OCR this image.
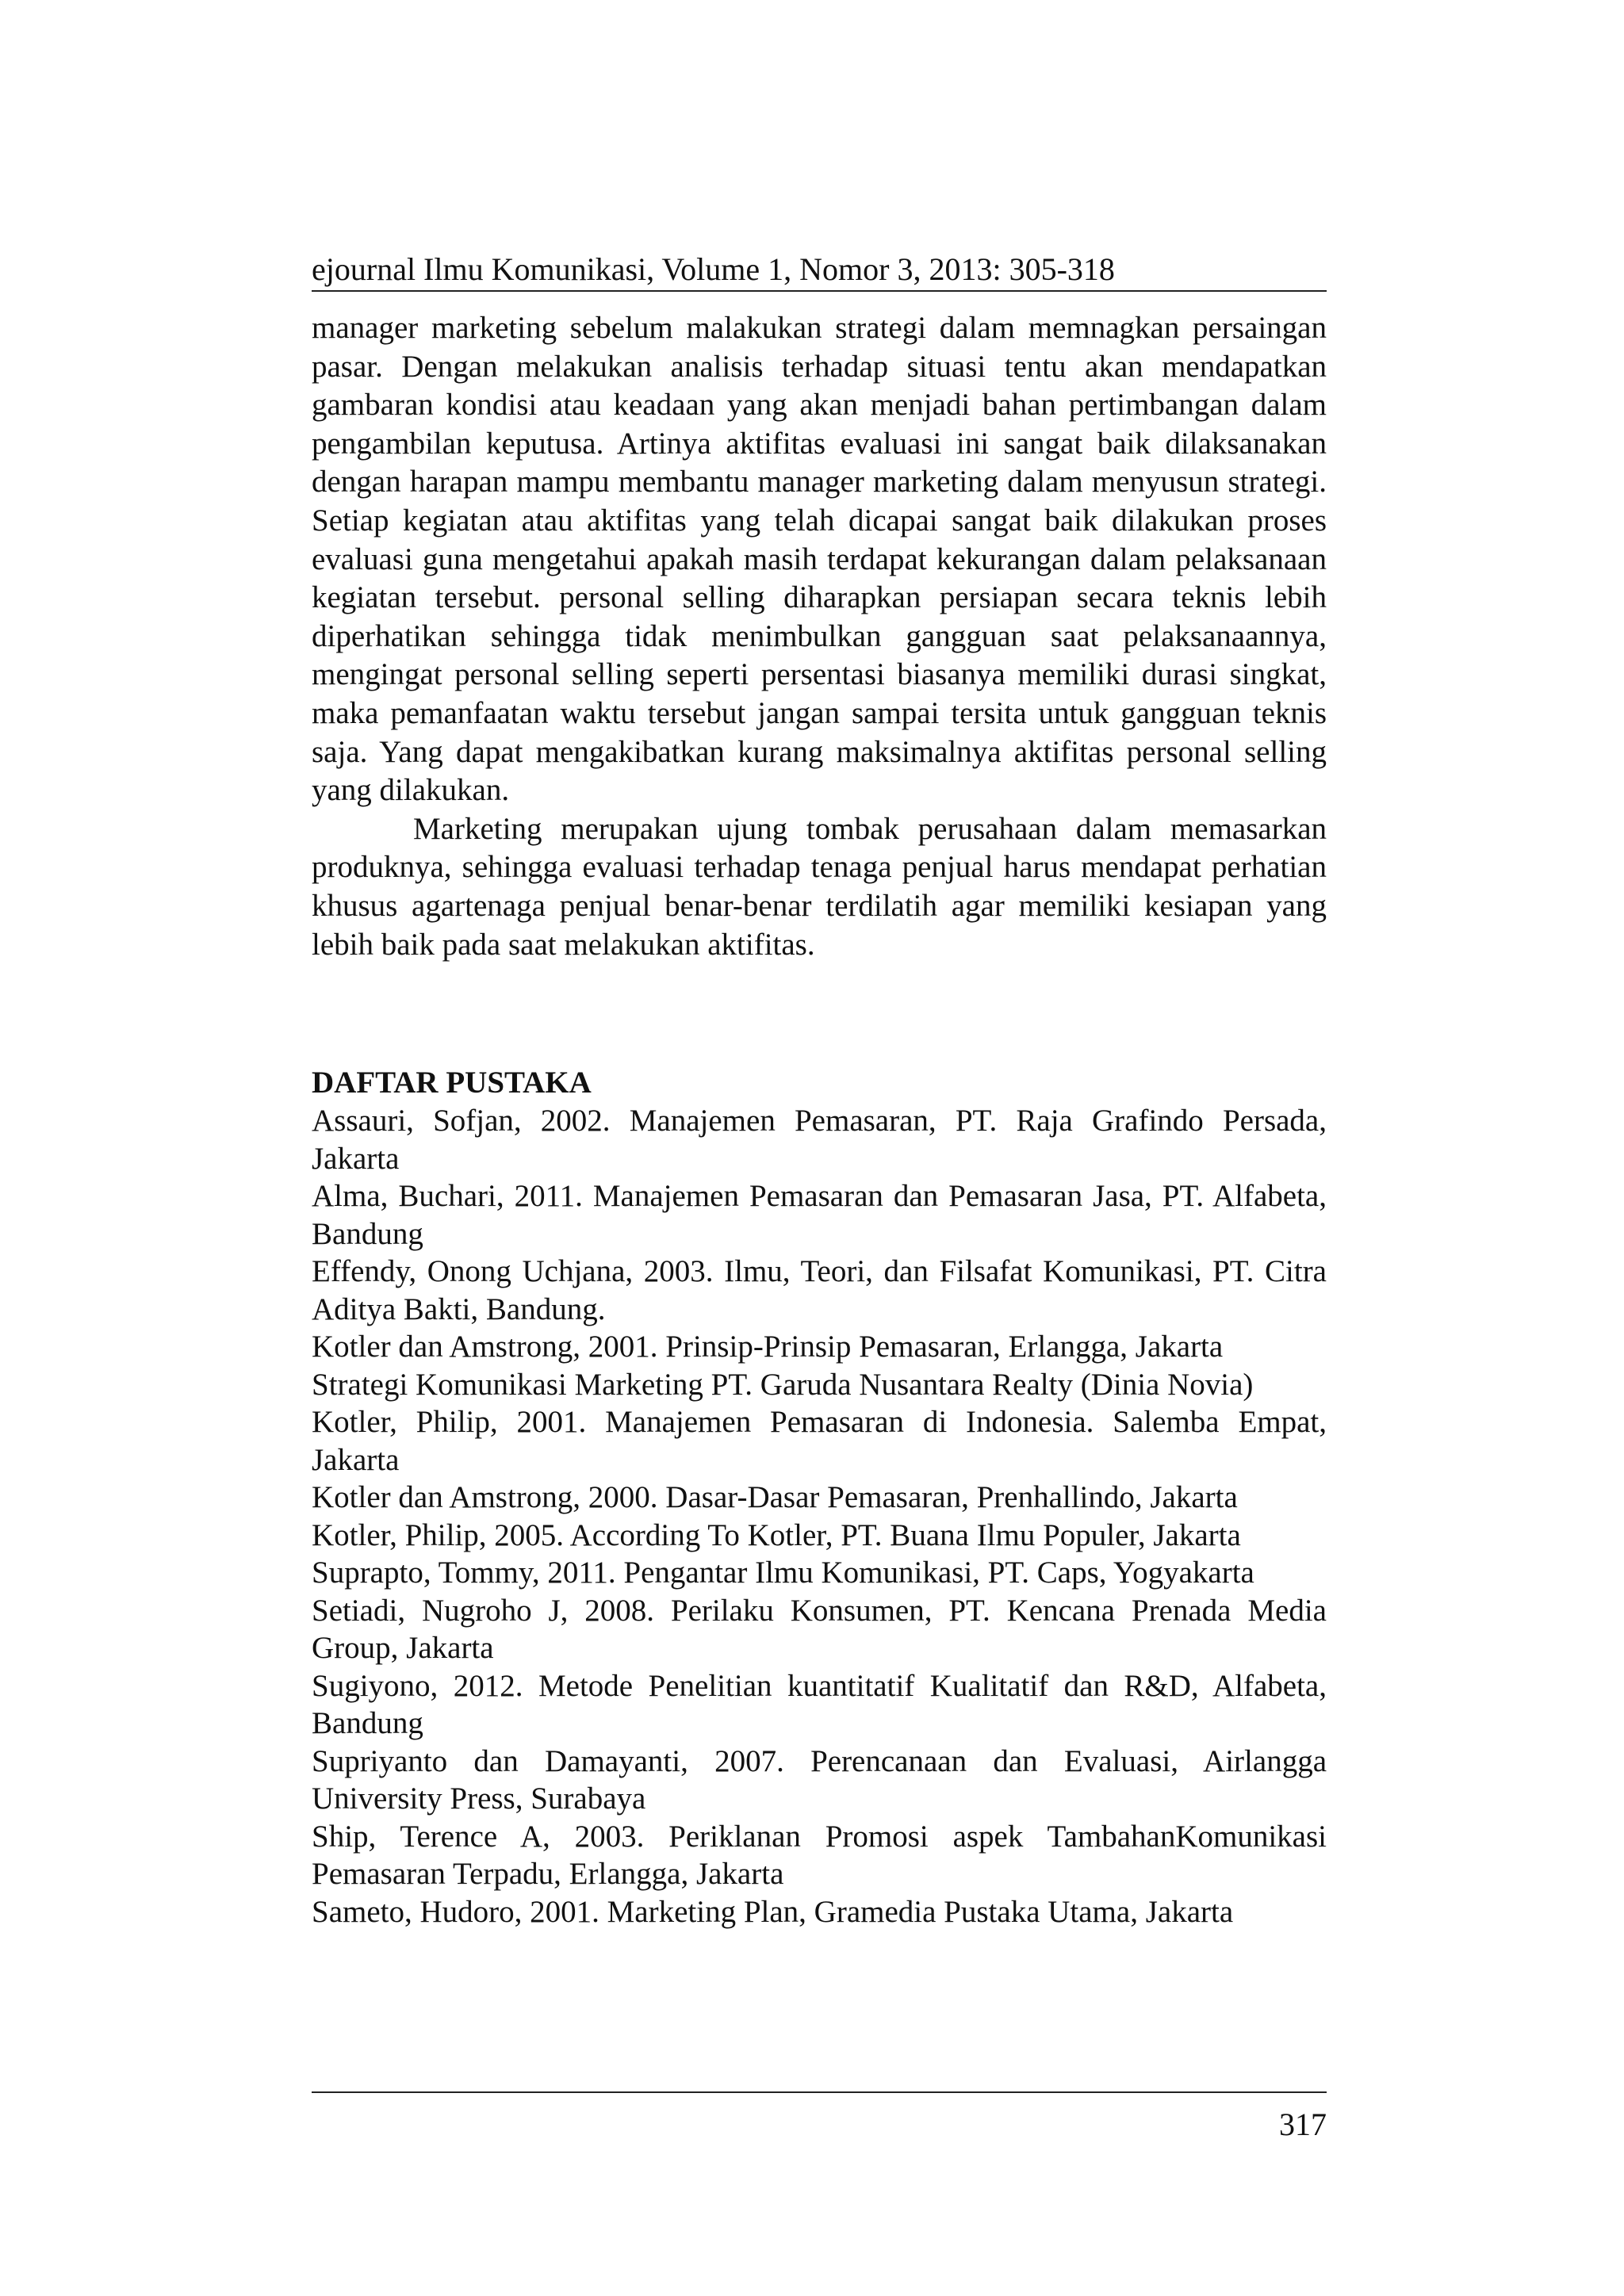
ejournal Ilmu Komunikasi, Volume 1, Nomor 3, 2013: 305-318

manager marketing sebelum malakukan strategi dalam memnagkan persaingan pasar. Dengan melakukan analisis terhadap situasi tentu akan mendapatkan gambaran kondisi atau keadaan yang akan menjadi bahan pertimbangan dalam pengambilan keputusa. Artinya aktifitas evaluasi ini sangat baik dilaksanakan dengan harapan mampu membantu manager marketing dalam menyusun strategi. Setiap kegiatan atau aktifitas yang telah dicapai sangat baik dilakukan proses evaluasi guna mengetahui apakah masih terdapat kekurangan dalam pelaksanaan kegiatan tersebut. personal selling diharapkan persiapan secara teknis lebih diperhatikan sehingga tidak menimbulkan gangguan saat pelaksanaannya, mengingat personal selling seperti persentasi biasanya memiliki durasi singkat, maka pemanfaatan waktu tersebut jangan sampai tersita untuk gangguan teknis saja. Yang dapat mengakibatkan kurang maksimalnya aktifitas personal selling yang dilakukan.

Marketing merupakan ujung tombak perusahaan dalam memasarkan produknya, sehingga evaluasi terhadap tenaga penjual harus mendapat perhatian khusus agartenaga penjual benar-benar terdilatih agar memiliki kesiapan yang lebih baik pada saat melakukan aktifitas.

DAFTAR PUSTAKA
Assauri, Sofjan, 2002. Manajemen Pemasaran, PT. Raja Grafindo Persada, Jakarta
Alma, Buchari, 2011. Manajemen Pemasaran dan Pemasaran Jasa, PT. Alfabeta, Bandung
Effendy, Onong Uchjana, 2003. Ilmu, Teori, dan Filsafat Komunikasi, PT. Citra Aditya Bakti, Bandung.
Kotler dan Amstrong, 2001. Prinsip-Prinsip Pemasaran, Erlangga, Jakarta
Strategi Komunikasi Marketing PT. Garuda Nusantara Realty (Dinia Novia)
Kotler, Philip, 2001. Manajemen Pemasaran di Indonesia. Salemba Empat, Jakarta
Kotler dan Amstrong, 2000. Dasar-Dasar Pemasaran, Prenhallindo, Jakarta
Kotler, Philip, 2005. According To Kotler, PT. Buana Ilmu Populer, Jakarta
Suprapto, Tommy, 2011. Pengantar Ilmu Komunikasi, PT. Caps, Yogyakarta
Setiadi, Nugroho J, 2008. Perilaku Konsumen, PT. Kencana Prenada Media Group, Jakarta
Sugiyono, 2012. Metode Penelitian kuantitatif Kualitatif dan R&D, Alfabeta, Bandung
Supriyanto dan Damayanti, 2007. Perencanaan dan Evaluasi, Airlangga University Press, Surabaya
Ship, Terence A, 2003. Periklanan Promosi aspek TambahanKomunikasi Pemasaran Terpadu, Erlangga, Jakarta
Sameto, Hudoro, 2001. Marketing Plan, Gramedia Pustaka Utama, Jakarta
317
